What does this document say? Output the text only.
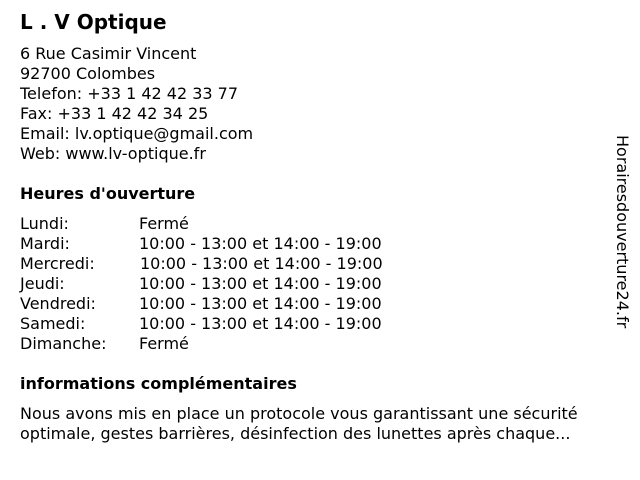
L . V Optique
6 Rue Casimir Vincent
92700 Colombes
Telefon: +33 1 42 42 33 77
Fax: +33 1 42 42 34 25
Email: lv.optique@gmail.com
Web: www.lv-optique.fr
Heures d'ouverture
Lundi:	Fermé
Mardi:	10:00 - 13:00 et 14:00 - 19:00
Mercredi:	10:00 - 13:00 et 14:00 - 19:00
Jeudi:	10:00 - 13:00 et 14:00 - 19:00
Vendredi:	10:00 - 13:00 et 14:00 - 19:00
Samedi:	10:00 - 13:00 et 14:00 - 19:00
Dimanche: Fermé
informations complémentaires

Nous avons mis en place un protocole vous garantissant une sécurité
optimale, gestes barrières, désinfection des lunettes après chaque...

Horairesdouverture24.fr
